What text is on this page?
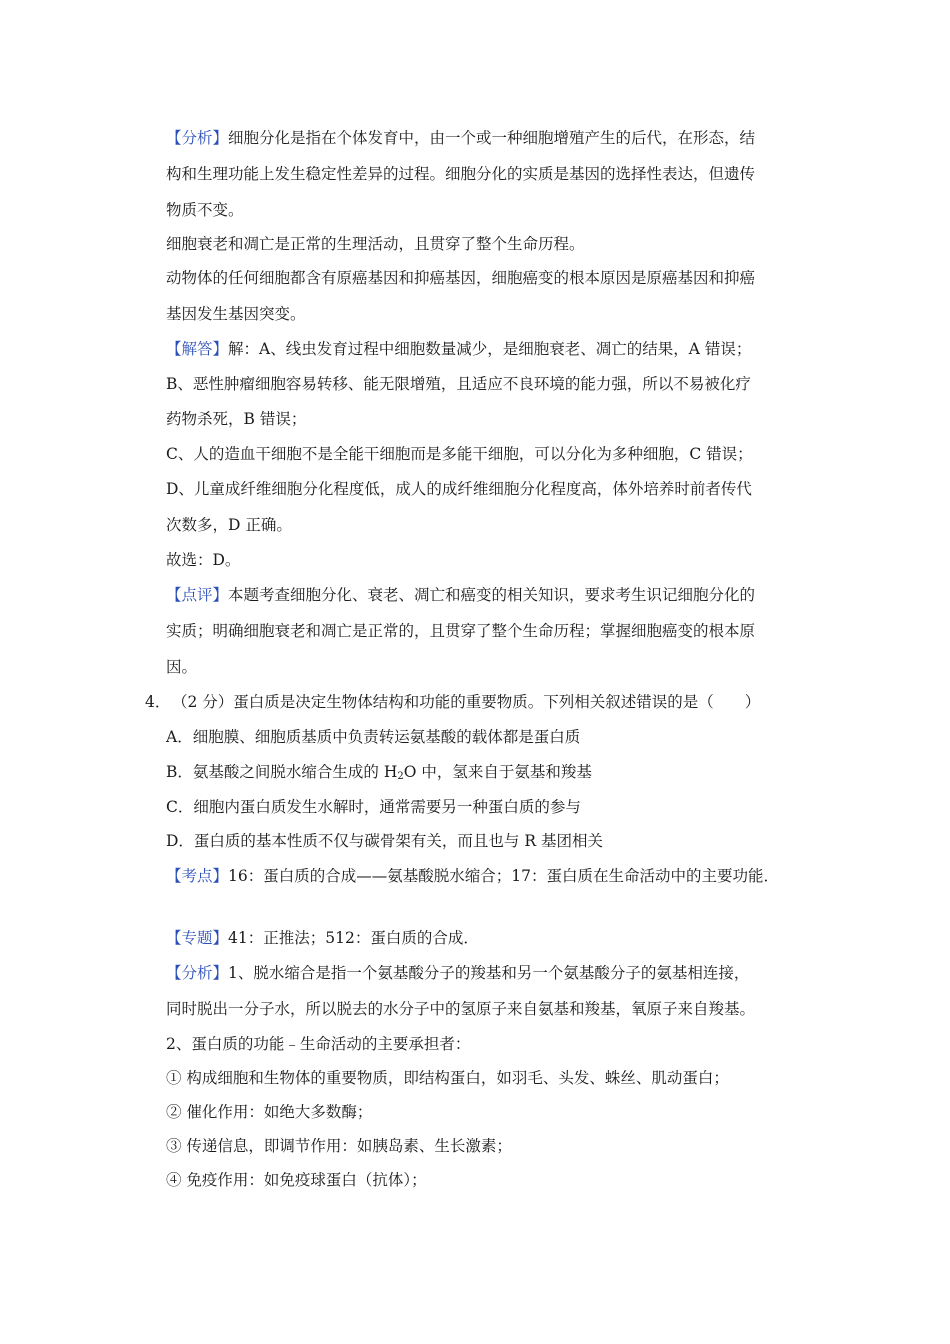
【分析】细胞分化是指在个体发育中，由一个或一种细胞增殖产生的后代，在形态，结
构和生理功能上发生稳定性差异的过程。细胞分化的实质是基因的选择性表达，但遗传
物质不变。
细胞衰老和凋亡是正常的生理活动，且贯穿了整个生命历程。
动物体的任何细胞都含有原癌基因和抑癌基因，细胞癌变的根本原因是原癌基因和抑癌
基因发生基因突变。
【解答】解：A、线虫发育过程中细胞数量减少，是细胞衰老、凋亡的结果，A 错误；
B、恶性肿瘤细胞容易转移、能无限增殖，且适应不良环境的能力强，所以不易被化疗
药物杀死，B 错误；
C、人的造血干细胞不是全能干细胞而是多能干细胞，可以分化为多种细胞，C 错误；
D、儿童成纤维细胞分化程度低，成人的成纤维细胞分化程度高，体外培养时前者传代
次数多，D 正确。
故选：D。
【点评】本题考查细胞分化、衰老、凋亡和癌变的相关知识，要求考生识记细胞分化的
实质；明确细胞衰老和凋亡是正常的，且贯穿了整个生命历程；掌握细胞癌变的根本原
因。
4． （2 分）蛋白质是决定生物体结构和功能的重要物质。下列相关叙述错误的是（　　）
A．细胞膜、细胞质基质中负责转运氨基酸的载体都是蛋白质
B．氨基酸之间脱水缩合生成的 $H_2O$ 中，氢来自于氨基和羧基
C．细胞内蛋白质发生水解时，通常需要另一种蛋白质的参与
D．蛋白质的基本性质不仅与碳骨架有关，而且也与 R 基团相关
【考点】16：蛋白质的合成——氨基酸脱水缩合；17：蛋白质在生命活动中的主要功能．
【专题】41：正推法；512：蛋白质的合成．
【分析】1、脱水缩合是指一个氨基酸分子的羧基和另一个氨基酸分子的氨基相连接，
同时脱出一分子水，所以脱去的水分子中的氢原子来自氨基和羧基，氧原子来自羧基。
2、蛋白质的功能﹣生命活动的主要承担者：
① 构成细胞和生物体的重要物质，即结构蛋白，如羽毛、头发、蛛丝、肌动蛋白；
② 催化作用：如绝大多数酶；
③ 传递信息，即调节作用：如胰岛素、生长激素；
④ 免疫作用：如免疫球蛋白（抗体）；
